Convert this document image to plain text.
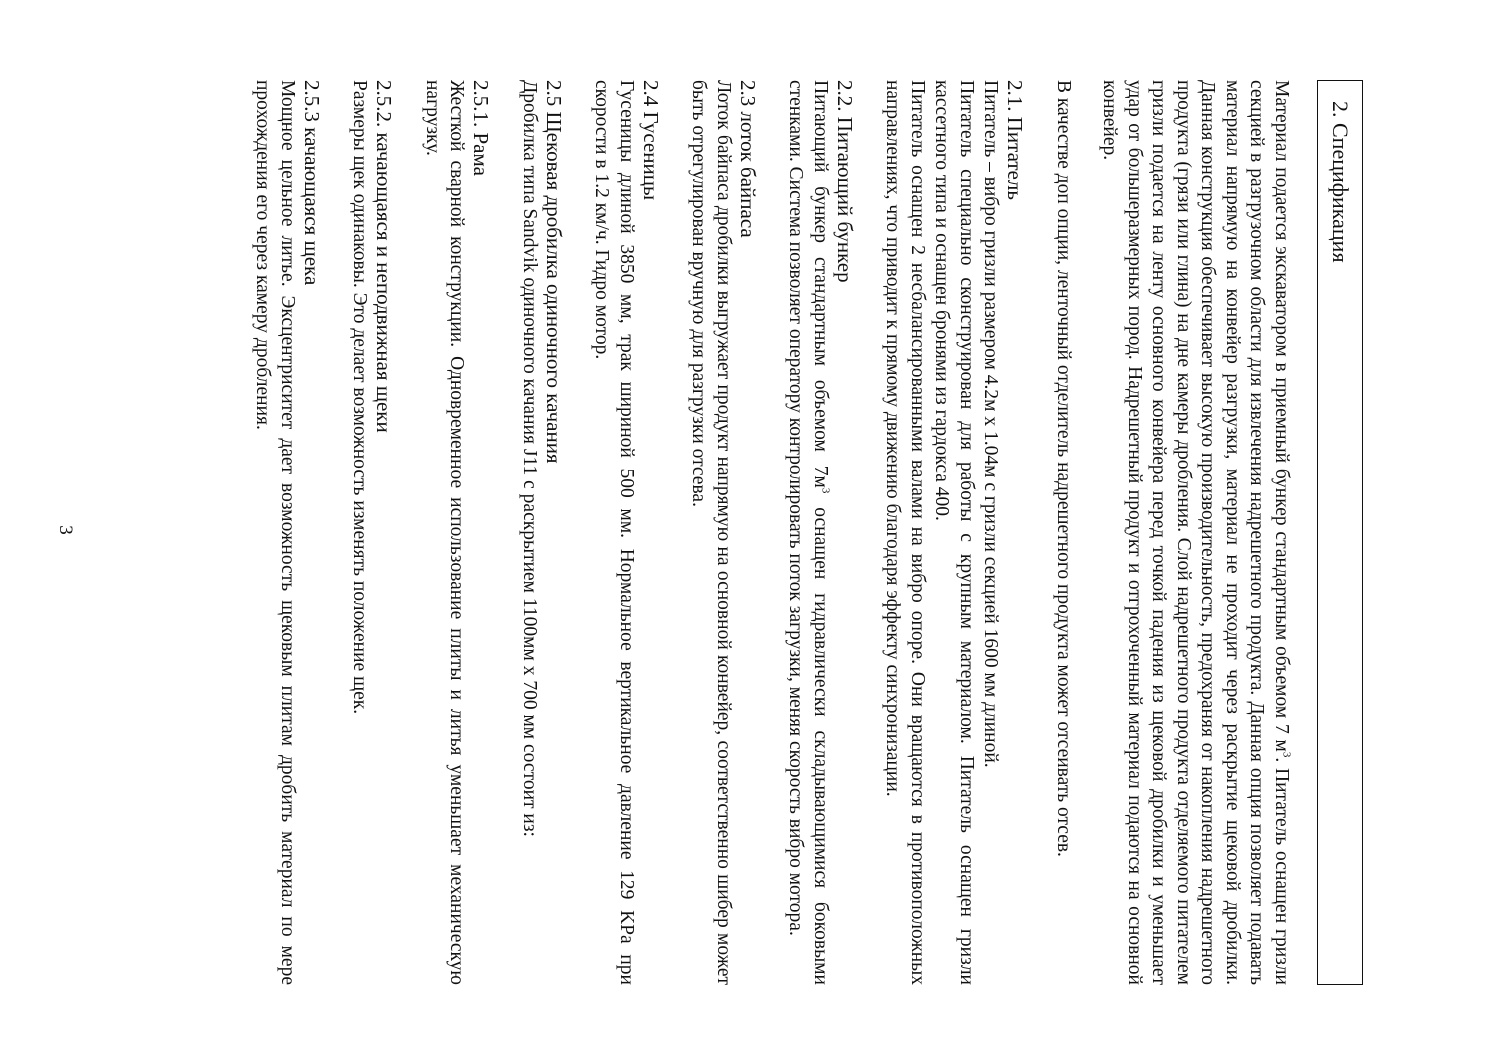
2. Спецификация

Материал подается экскаватором в приемный бункер стандартным объемом 7 $м^3$. Питатель оснащен гризли секцией в разгрузочном области для извлечения надрешетного продукта. Данная опция позволяет подавать материал напрямую на конвейер разгрузки, материал не проходит через раскрытие щековой дробилки. Данная конструкция обеспечивает высокую производительность, предохраняя от накопления надрешетного продукта (грязи или глина) на дне камеры дробления. Слой надрешетного продукта отделяемого питателем гризли подается на ленту основного конвейера перед точкой падения из щековой дробилки и уменьшает удар от большеразмерных пород. Надрешетный продукт и отгрохоченный материал подаются на основной конвейер.

В качестве доп опции, ленточный отделитель надрешетного продукта может отсеивать отсев.

2.1. Питатель

Питатель – вибро гризли размером 4.2м х 1.04м с гризли секцией 1600 мм длиной.

Питатель специально сконструирован для работы с крупным материалом. Питатель оснащен гризли кассетного типа и оснащен бронями из гардокса 400.

Питатель оснащен 2 несбалансированными валами на вибро опоре. Они вращаются в противоположных направлениях, что приводит к прямому движению благодаря эффекту синхронизации.

2.2. Питающий бункер

Питающий бункер стандартным объемом $7м^3$ оснащен гидравлически складывающимися боковыми стенками. Система позволяет оператору контролировать поток загрузки, меняя скорость вибро мотора.

2.3 лоток байпаса

Лоток байпаса дробилки выгружает продукт напрямую на основной конвейер, соответственно шибер может быть отрегулирован вручную для разгрузки отсева.

2.4 Гусеницы

Гусеницы длиной 3850 мм, трак шириной 500 мм. Нормальное вертикальное давление 129 KPa при скорости в 1.2 км/ч. Гидро мотор.

2.5 Щековая дробилка одиночного качания

Дробилка типа Sandvik одиночного качания J11 с раскрытием 1100мм х 700 мм состоит из:

2.5.1. Рама

Жесткой сварной конструкции. Одновременное использование плиты и литья уменьшает механическую нагрузку.

2.5.2. качающаяся и неподвижная щеки

Размеры щек одинаковы. Это делает возможность изменять положение щек.

2.5.3 качающаяся щека

Мощное цельное литье. Эксцентриситет дает возможность щековым плитам дробить материал по мере прохождения его через камеру дробления.

3
